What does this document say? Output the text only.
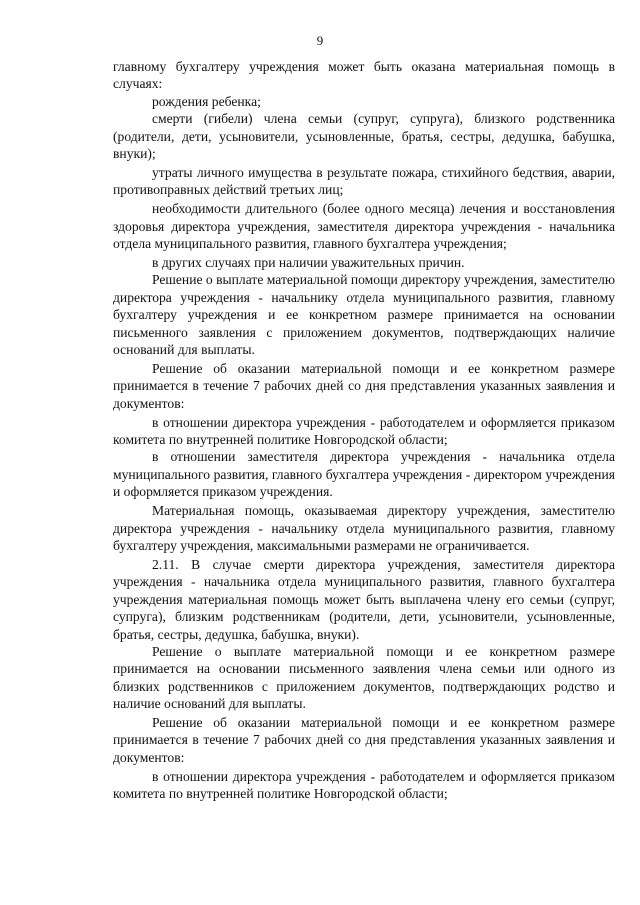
9

главному бухгалтеру учреждения может быть оказана материальная помощь в случаях:

рождения ребенка;

смерти (гибели) члена семьи (супруг, супруга), близкого родственника (родители, дети, усыновители, усыновленные, братья, сестры, дедушка, бабушка, внуки);

утраты личного имущества в результате пожара, стихийного бедствия, аварии, противоправных действий третьих лиц;

необходимости длительного (более одного месяца) лечения и восстановления здоровья директора учреждения, заместителя директора учреждения - начальника отдела муниципального развития, главного бухгалтера учреждения;

в других случаях при наличии уважительных причин.

Решение о выплате материальной помощи директору учреждения, заместителю директора учреждения - начальнику отдела муниципального развития, главному бухгалтеру учреждения и ее конкретном размере принимается на основании письменного заявления с приложением документов, подтверждающих наличие оснований для выплаты.

Решение об оказании материальной помощи и ее конкретном размере принимается в течение 7 рабочих дней со дня представления указанных заявления и документов:

в отношении директора учреждения - работодателем и оформляется приказом комитета по внутренней политике Новгородской области;

в отношении заместителя директора учреждения - начальника отдела муниципального развития, главного бухгалтера учреждения - директором учреждения и оформляется приказом учреждения.

Материальная помощь, оказываемая директору учреждения, заместителю директора учреждения - начальнику отдела муниципального развития, главному бухгалтеру учреждения, максимальными размерами не ограничивается.

2.11. В случае смерти директора учреждения, заместителя директора учреждения - начальника отдела муниципального развития, главного бухгалтера учреждения материальная помощь может быть выплачена члену его семьи (супруг, супруга), близким родственникам (родители, дети, усыновители, усыновленные, братья, сестры, дедушка, бабушка, внуки).

Решение о выплате материальной помощи и ее конкретном размере принимается на основании письменного заявления члена семьи или одного из близких родственников с приложением документов, подтверждающих родство и наличие оснований для выплаты.

Решение об оказании материальной помощи и ее конкретном размере принимается в течение 7 рабочих дней со дня представления указанных заявления и документов:

в отношении директора учреждения - работодателем и оформляется приказом комитета по внутренней политике Новгородской области;
